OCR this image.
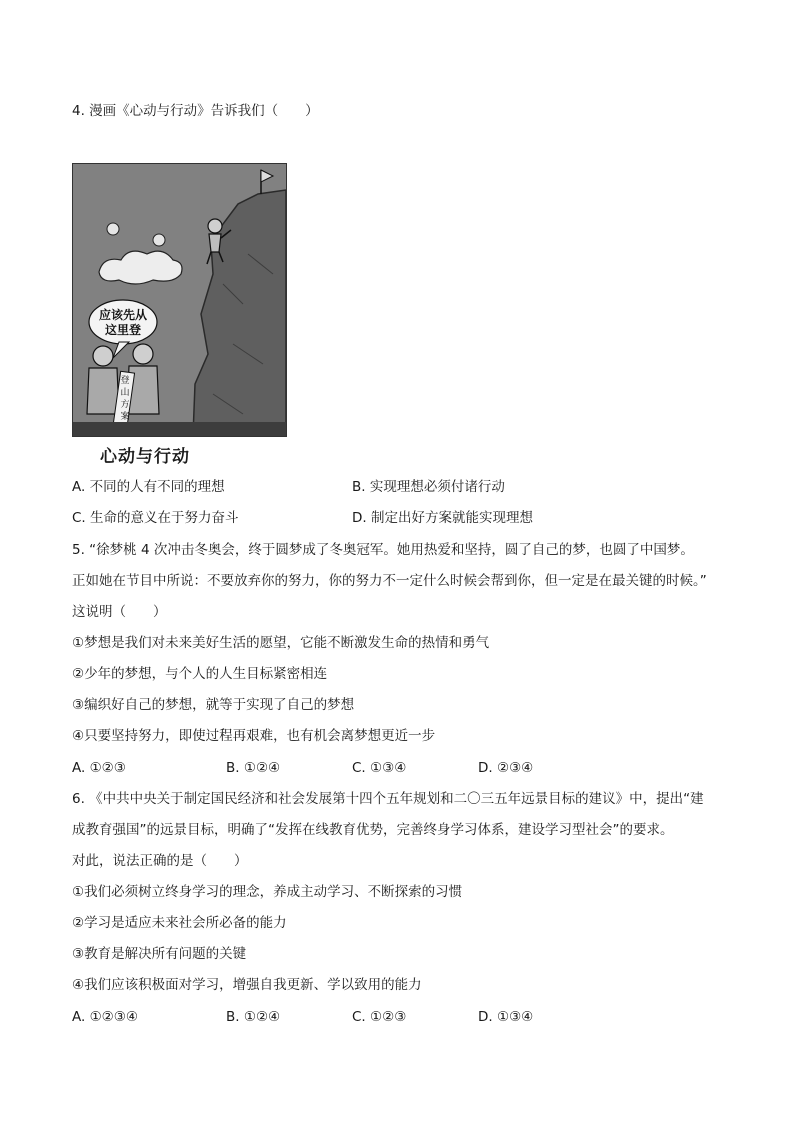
4. 漫画《心动与行动》告诉我们（　　）
应该先从
这里登
登
山
方
案
心动与行动
A. 不同的人有不同的理想	B. 实现理想必须付诸行动
C. 生命的意义在于努力奋斗	D. 制定出好方案就能实现理想
5. “徐梦桃 4 次冲击冬奥会，终于圆梦成了冬奥冠军。她用热爱和坚持，圆了自己的梦，也圆了中国梦。
正如她在节目中所说：不要放弃你的努力，你的努力不一定什么时候会帮到你，但一定是在最关键的时候。”
这说明（　　）
①梦想是我们对未来美好生活的愿望，它能不断激发生命的热情和勇气
②少年的梦想，与个人的人生目标紧密相连
③编织好自己的梦想，就等于实现了自己的梦想
④只要坚持努力，即使过程再艰难，也有机会离梦想更近一步
A. ①②③	B. ①②④	C. ①③④	D. ②③④
6. 《中共中央关于制定国民经济和社会发展第十四个五年规划和二〇三五年远景目标的建议》中，提出“建
成教育强国”的远景目标，明确了“发挥在线教育优势，完善终身学习体系，建设学习型社会”的要求。
对此，说法正确的是（　　）
①我们必须树立终身学习的理念，养成主动学习、不断探索的习惯
②学习是适应未来社会所必备的能力
③教育是解决所有问题的关键
④我们应该积极面对学习，增强自我更新、学以致用的能力
A. ①②③④	B. ①②④	C. ①②③	D. ①③④
